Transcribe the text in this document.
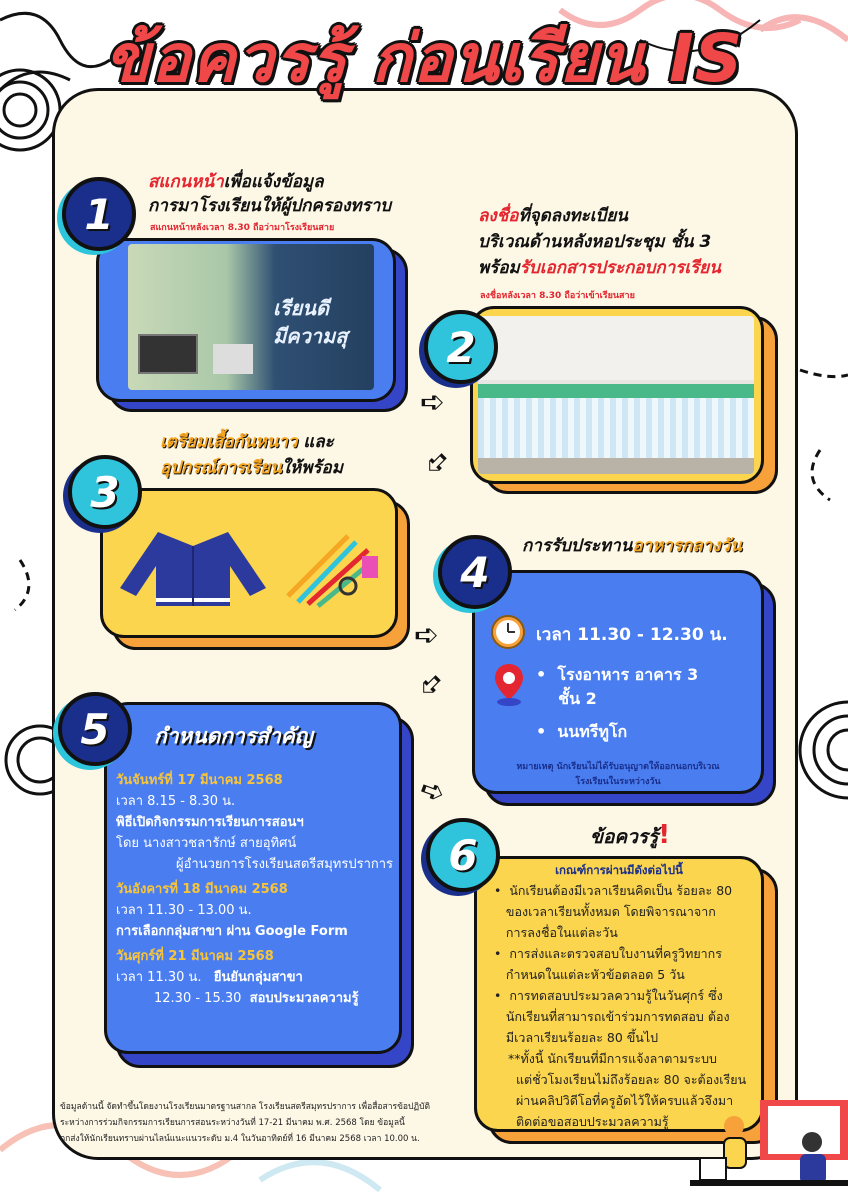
ข้อควรรู้ ก่อนเรียน IS
เรียนดี
มีความสุ
1
สแกนหน้าเพื่อแจ้งข้อมูล
การมาโรงเรียนให้ผู้ปกครองทราบ
สแกนหน้าหลังเวลา 8.30 ถือว่ามาโรงเรียนสาย
ลงชื่อที่จุดลงทะเบียน
บริเวณด้านหลังหอประชุม ชั้น 3
พร้อมรับเอกสารประกอบการเรียน
ลงชื่อหลังเวลา 8.30 ถือว่าเข้าเรียนสาย
2
➪
➪
➪
➪
➪
เตรียมเสื้อกันหนาว และ
อุปกรณ์การเรียนให้พร้อม
3
การรับประทานอาหารกลางวัน
4
เวลา 11.30 - 12.30 น.
•  โรงอาหาร อาคาร 3
ชั้น 2
•  นนทรีทูโก
หมายเหตุ นักเรียนไม่ได้รับอนุญาตให้ออกนอกบริเวณ
โรงเรียนในระหว่างวัน
5	กำหนดการสำคัญ
วันจันทร์ที่ 17 มีนาคม 2568
เวลา 8.15 - 8.30 น.
พิธีเปิดกิจกรรมการเรียนการสอนฯ
โดย นางสาวชลารักษ์ สายอุทิศน์
ผู้อำนวยการโรงเรียนสตรีสมุทรปราการ
วันอังคารที่ 18 มีนาคม 2568
เวลา 11.30 - 13.00 น.
การเลือกกลุ่มสาขา ผ่าน Google Form
วันศุกร์ที่ 21 มีนาคม 2568
เวลา 11.30 น. ยืนยันกลุ่มสาขา
12.30 - 15.30 สอบประมวลความรู้
ข้อควรรู้!
6	เกณฑ์การผ่านมีดังต่อไปนี้
•  นักเรียนต้องมีเวลาเรียนคิดเป็น ร้อยละ 80
ของเวลาเรียนทั้งหมด โดยพิจารณาจาก
การลงชื่อในแต่ละวัน
•  การส่งและตรวจสอบใบงานที่ครูวิทยากร
กำหนดในแต่ละหัวข้อตลอด 5 วัน
•  การทดสอบประมวลความรู้ในวันศุกร์ ซึ่ง
นักเรียนที่สามารถเข้าร่วมการทดสอบ ต้อง
มีเวลาเรียนร้อยละ 80 ขึ้นไป
**ทั้งนี้ นักเรียนที่มีการแจ้งลาตามระบบ
แต่ชั่วโมงเรียนไม่ถึงร้อยละ 80 จะต้องเรียน
ผ่านคลิปวิดีโอที่ครูอัดไว้ให้ครบแล้วจึงมา
ติดต่อขอสอบประมวลความรู้
ข้อมูลด้านนี้ จัดทำขึ้นโดยงานโรงเรียนมาตรฐานสากล โรงเรียนสตรีสมุทรปราการ เพื่อสื่อสารข้อปฏิบัติ
ระหว่างการร่วมกิจกรรมการเรียนการสอนระหว่างวันที่ 17-21 มีนาคม พ.ศ. 2568 โดย ข้อมูลนี้
ถูกส่งให้นักเรียนทราบผ่านไลน์แนะแนวระดับ ม.4 ในวันอาทิตย์ที่ 16 มีนาคม 2568 เวลา 10.00 น.
